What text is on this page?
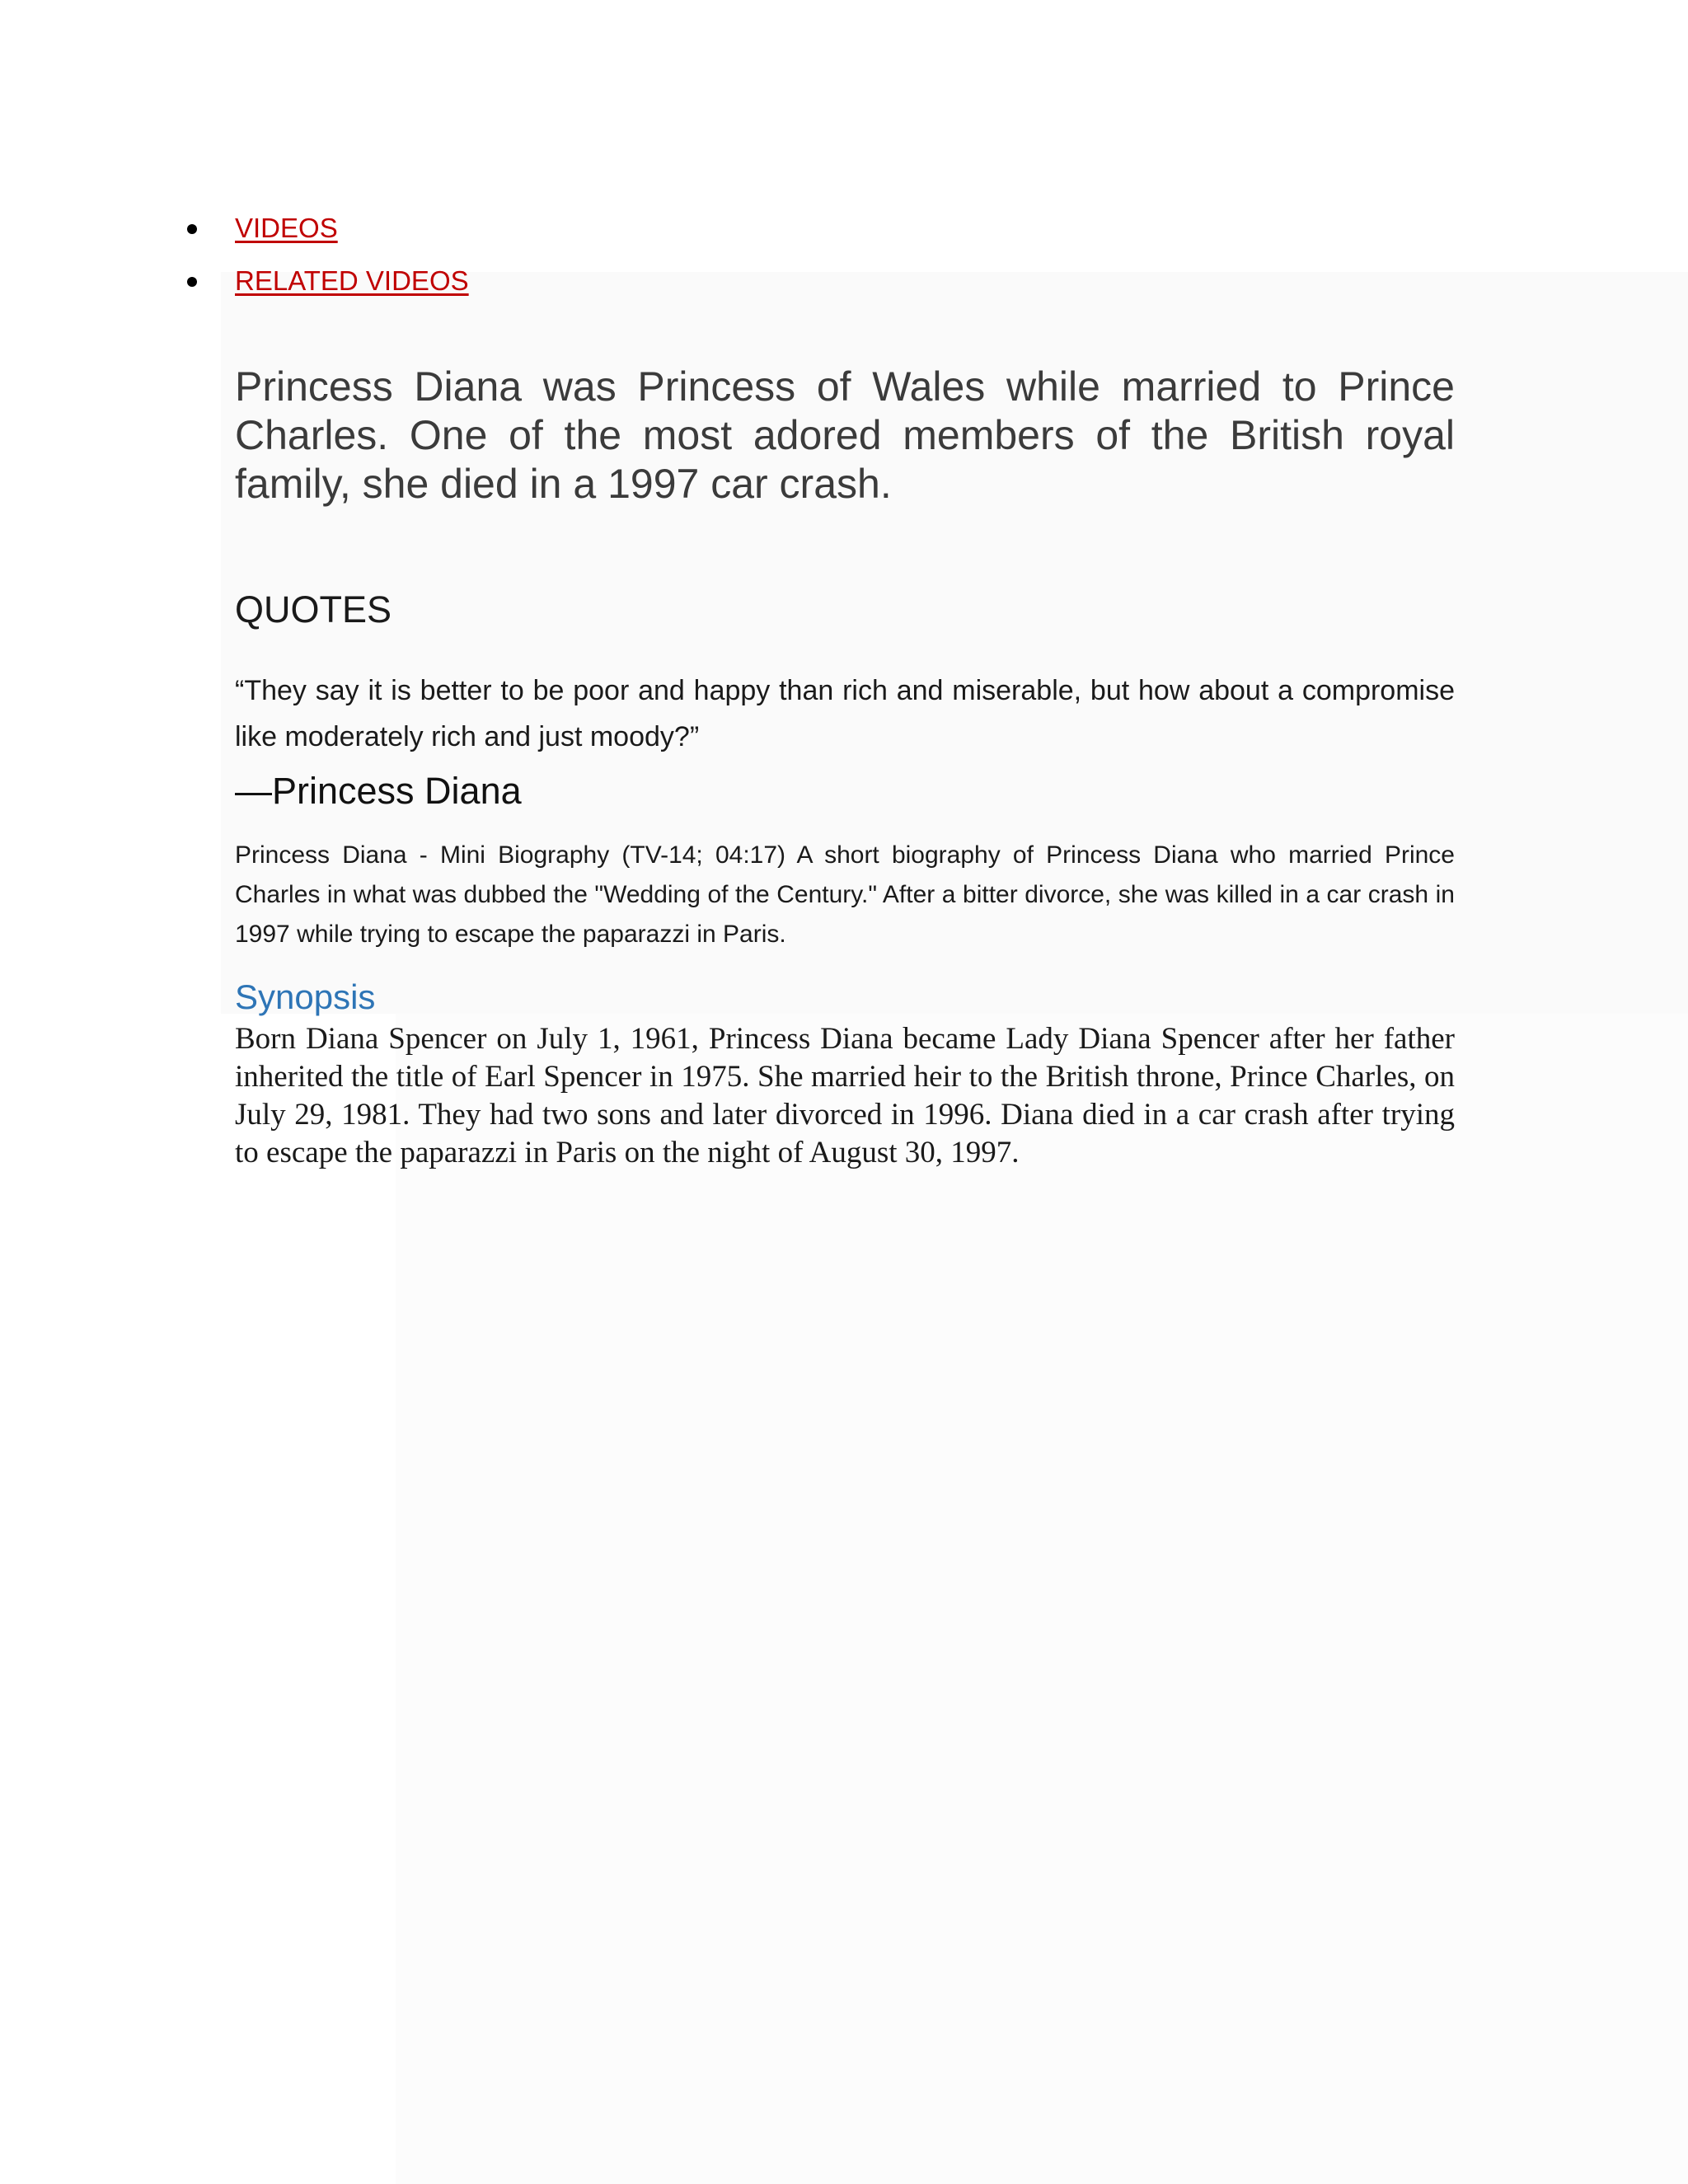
VIDEOS
RELATED VIDEOS

Princess Diana was Princess of Wales while married to Prince Charles. One of the most adored members of the British royal family, she died in a 1997 car crash.

QUOTES

“They say it is better to be poor and happy than rich and miserable, but how about a compromise like moderately rich and just moody?”

—Princess Diana

Princess Diana - Mini Biography (TV-14; 04:17) A short biography of Princess Diana who married Prince Charles in what was dubbed the "Wedding of the Century." After a bitter divorce, she was killed in a car crash in 1997 while trying to escape the paparazzi in Paris.

Synopsis

Born Diana Spencer on July 1, 1961, Princess Diana became Lady Diana Spencer after her father inherited the title of Earl Spencer in 1975. She married heir to the British throne, Prince Charles, on July 29, 1981. They had two sons and later divorced in 1996. Diana died in a car crash after trying to escape the paparazzi in Paris on the night of August 30, 1997.
